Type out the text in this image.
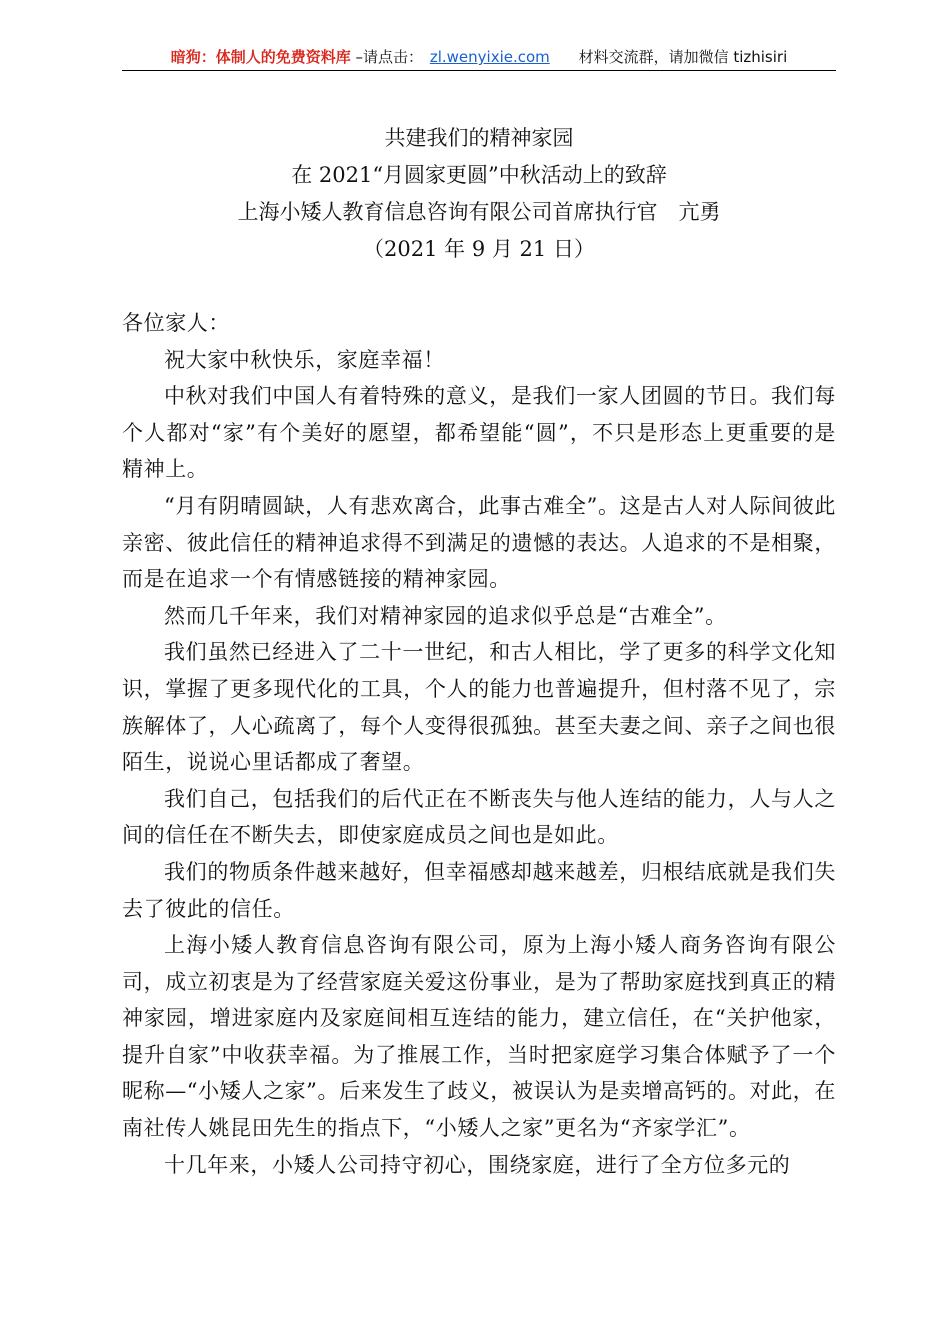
暗狗：体制人的免费资料库 –请点击： zl.wenyixie.com 材料交流群，请加微信 tizhisiri
共建我们的精神家园
在 2021“月圆家更圆”中秋活动上的致辞
上海小矮人教育信息咨询有限公司首席执行官　亢勇
（2021 年 9 月 21 日）

各位家人：

祝大家中秋快乐，家庭幸福！

中秋对我们中国人有着特殊的意义，是我们一家人团圆的节日。我们每个人都对“家”有个美好的愿望，都希望能“圆”，不只是形态上更重要的是精神上。

“月有阴晴圆缺，人有悲欢离合，此事古难全”。这是古人对人际间彼此亲密、彼此信任的精神追求得不到满足的遗憾的表达。人追求的不是相聚，而是在追求一个有情感链接的精神家园。

然而几千年来，我们对精神家园的追求似乎总是“古难全”。

我们虽然已经进入了二十一世纪，和古人相比，学了更多的科学文化知识，掌握了更多现代化的工具，个人的能力也普遍提升，但村落不见了，宗族解体了，人心疏离了，每个人变得很孤独。甚至夫妻之间、亲子之间也很陌生，说说心里话都成了奢望。

我们自己，包括我们的后代正在不断丧失与他人连结的能力，人与人之间的信任在不断失去，即使家庭成员之间也是如此。

我们的物质条件越来越好，但幸福感却越来越差，归根结底就是我们失去了彼此的信任。

上海小矮人教育信息咨询有限公司，原为上海小矮人商务咨询有限公司，成立初衷是为了经营家庭关爱这份事业，是为了帮助家庭找到真正的精神家园，增进家庭内及家庭间相互连结的能力，建立信任，在“关护他家，提升自家”中收获幸福。为了推展工作，当时把家庭学习集合体赋予了一个昵称—“小矮人之家”。后来发生了歧义，被误认为是卖增高钙的。对此，在南社传人姚昆田先生的指点下，“小矮人之家”更名为“齐家学汇”。

十几年来，小矮人公司持守初心，围绕家庭，进行了全方位多元的
